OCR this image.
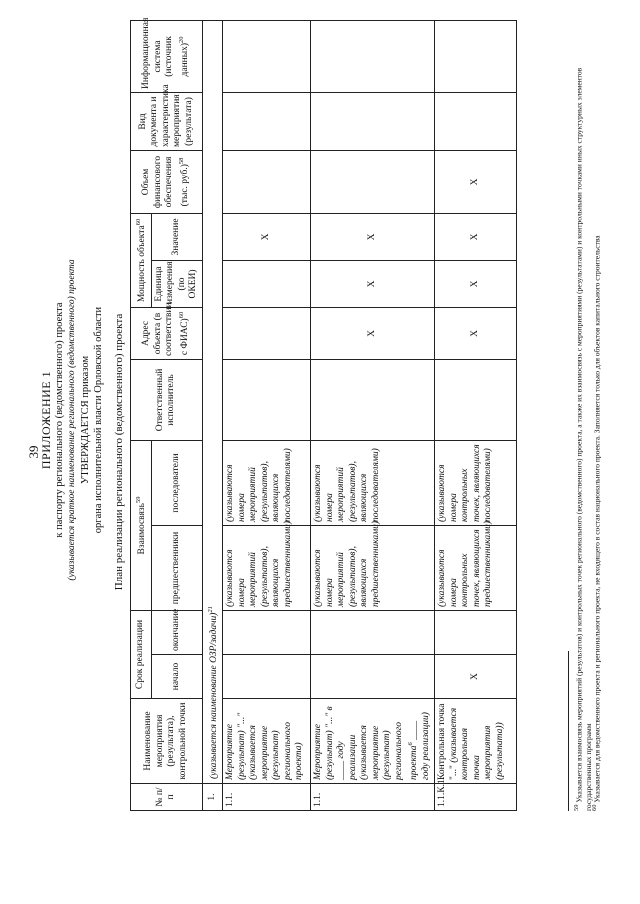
39
ПРИЛОЖЕНИЕ 1 к паспорту регионального (ведомственного) проекта (указывается краткое наименование регионального (ведомственного) проекта УТВЕРЖДАЕТСЯ приказом органа исполнительной власти Орловской области План реализации регионального (ведомственного) проекта
№ п/п	Наименование мероприятия (результата), контрольной точки	Срок реализации		Взаимосвязь$^{59}$		Ответственный исполнитель	Адрес объекта (в соответствии с ФИАС)$^{60}$	Мощность объекта$^{60}$		Объем финансового обеспечения (тыс. руб.)$^{58}$	Вид документа и характеристика мероприятия (результата)	Информационная система (источник данных)$^{20}$
		начало	окончание	предшественники	последователи			Единица измерения (по ОКЕИ)	Значение			
1.	(указывается наименование ОЗР/задачи)$^{21}$
1.1.	Мероприятие (результат) "..." (указывается мероприятие (результат) регионального проекта)			(указываются номера мероприятий (результатов), являющихся предшественниками)	(указываются номера мероприятий (результатов), являющихся последователями)				X			
1.1.	Мероприятие (результат) "..." в ____ году реализации (указывается мероприятие (результат) регионального проекта$^6$ ____ году реализации)			(указываются номера мероприятий (результатов), являющихся предшественниками)	(указываются номера мероприятий (результатов), являющихся последователями)		X	X	X			
1.1.К.1.	Контрольная точка "..." (указывается контрольная точка мероприятия (результата))	X		(указываются номера контрольных точек, являющихся предшественниками)	(указываются номера контрольных точек, являющихся последователями)		X	X	X	X		
$^{59}$ Указывается взаимосвязь мероприятий (результатов) и контрольных точек регионального (ведомственного) проекта, а также их взаимосвязь с мероприятиями (результатами) и контрольными точками иных структурных элементов государственных программ
$^{60}$ Указывается для ведомственного проекта и регионального проекта, не входящего в состав национального проекта. Заполняется только для объектов капитального строительства
